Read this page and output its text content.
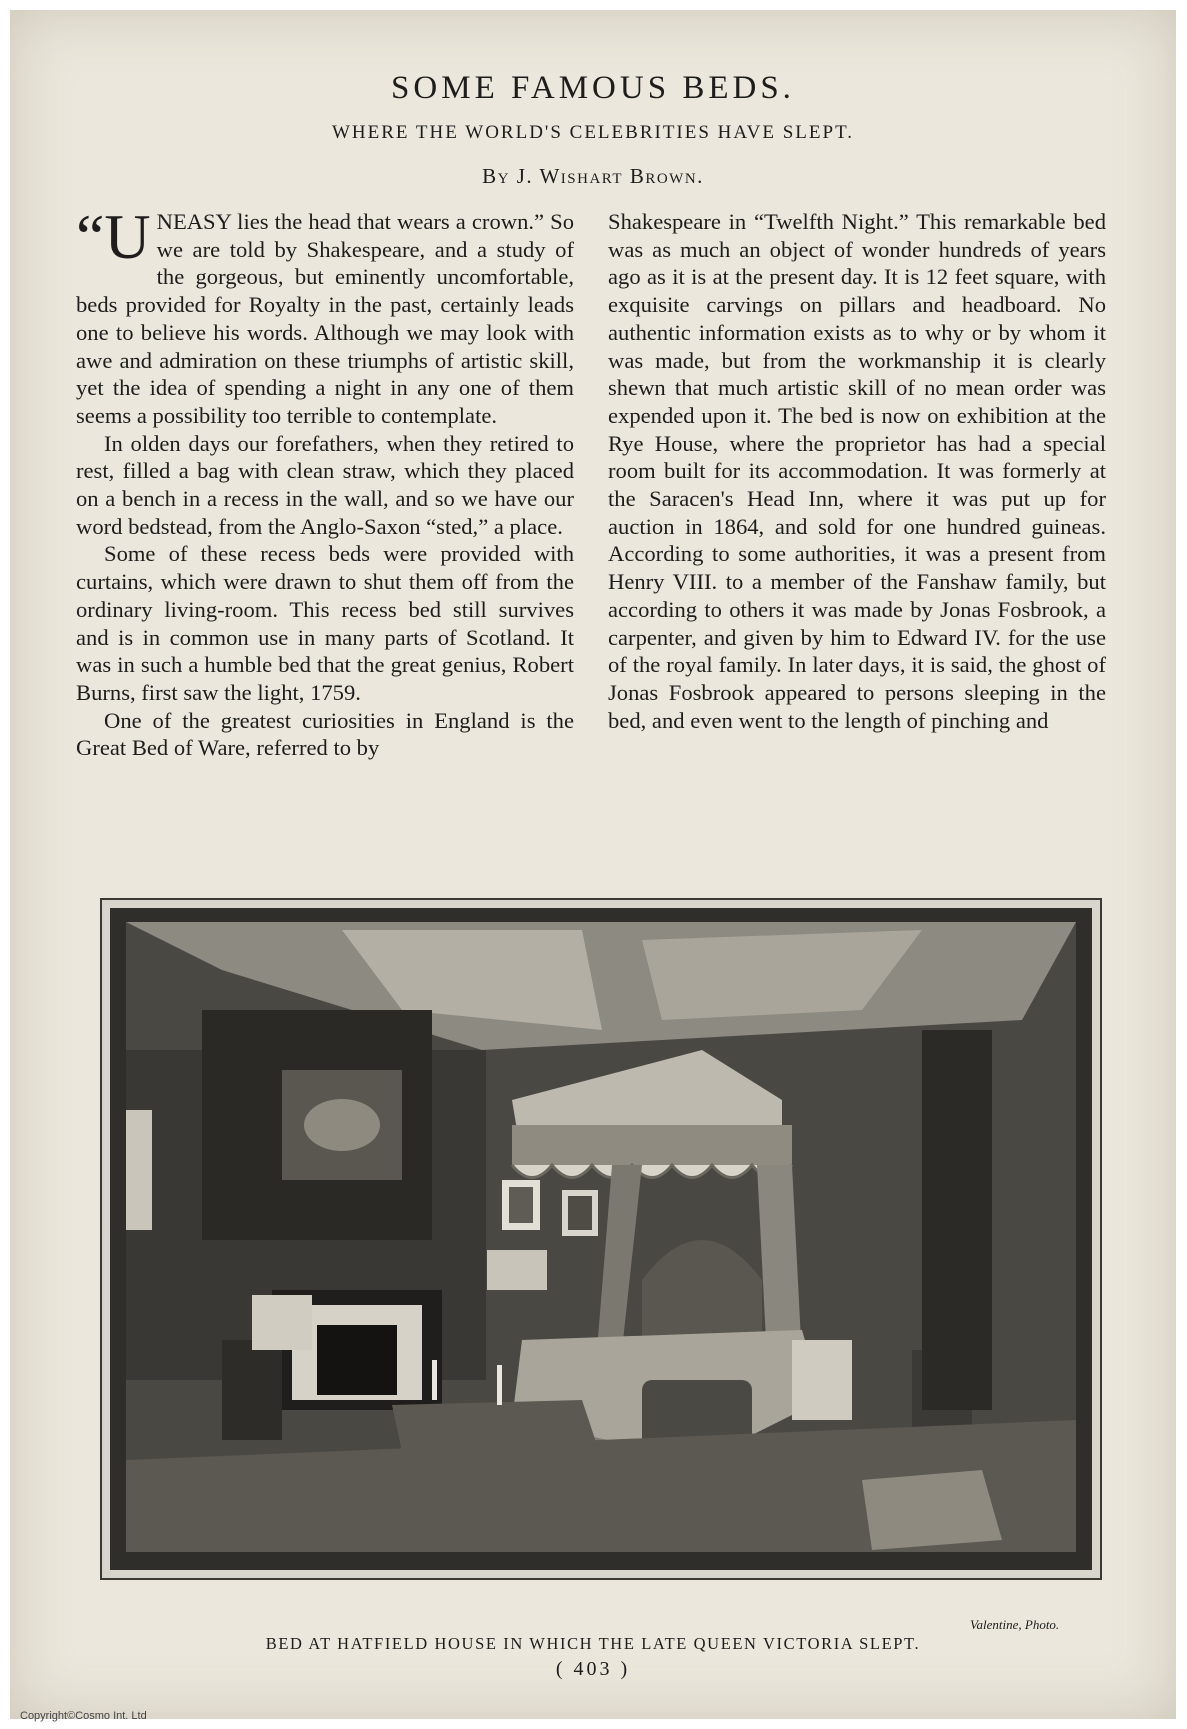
SOME FAMOUS BEDS.
WHERE THE WORLD'S CELEBRITIES HAVE SLEPT.
By J. Wishart Brown.

“UNEASY lies the head that wears a crown.” So we are told by Shakespeare, and a study of the gorgeous, but eminently uncomfortable, beds provided for Royalty in the past, certainly leads one to believe his words. Although we may look with awe and admiration on these triumphs of artistic skill, yet the idea of spending a night in any one of them seems a possibility too terrible to contemplate.

In olden days our forefathers, when they retired to rest, filled a bag with clean straw, which they placed on a bench in a recess in the wall, and so we have our word bedstead, from the Anglo-Saxon “sted,” a place.

Some of these recess beds were provided with curtains, which were drawn to shut them off from the ordinary living-room. This recess bed still survives and is in common use in many parts of Scotland. It was in such a humble bed that the great genius, Robert Burns, first saw the light, 1759.

One of the greatest curiosities in England is the Great Bed of Ware, referred to by

Shakespeare in “Twelfth Night.” This remarkable bed was as much an object of wonder hundreds of years ago as it is at the present day. It is 12 feet square, with exquisite carvings on pillars and headboard. No authentic information exists as to why or by whom it was made, but from the workmanship it is clearly shewn that much artistic skill of no mean order was expended upon it. The bed is now on exhibition at the Rye House, where the proprietor has had a special room built for its accommodation. It was formerly at the Saracen's Head Inn, where it was put up for auction in 1864, and sold for one hundred guineas. According to some authorities, it was a present from Henry VIII. to a member of the Fanshaw family, but according to others it was made by Jonas Fosbrook, a carpenter, and given by him to Edward IV. for the use of the royal family. In later days, it is said, the ghost of Jonas Fosbrook appeared to persons sleeping in the bed, and even went to the length of pinching and

Valentine, Photo.
BED AT HATFIELD HOUSE IN WHICH THE LATE QUEEN VICTORIA SLEPT.
( 403 )
Copyright©Cosmo Int. Ltd
